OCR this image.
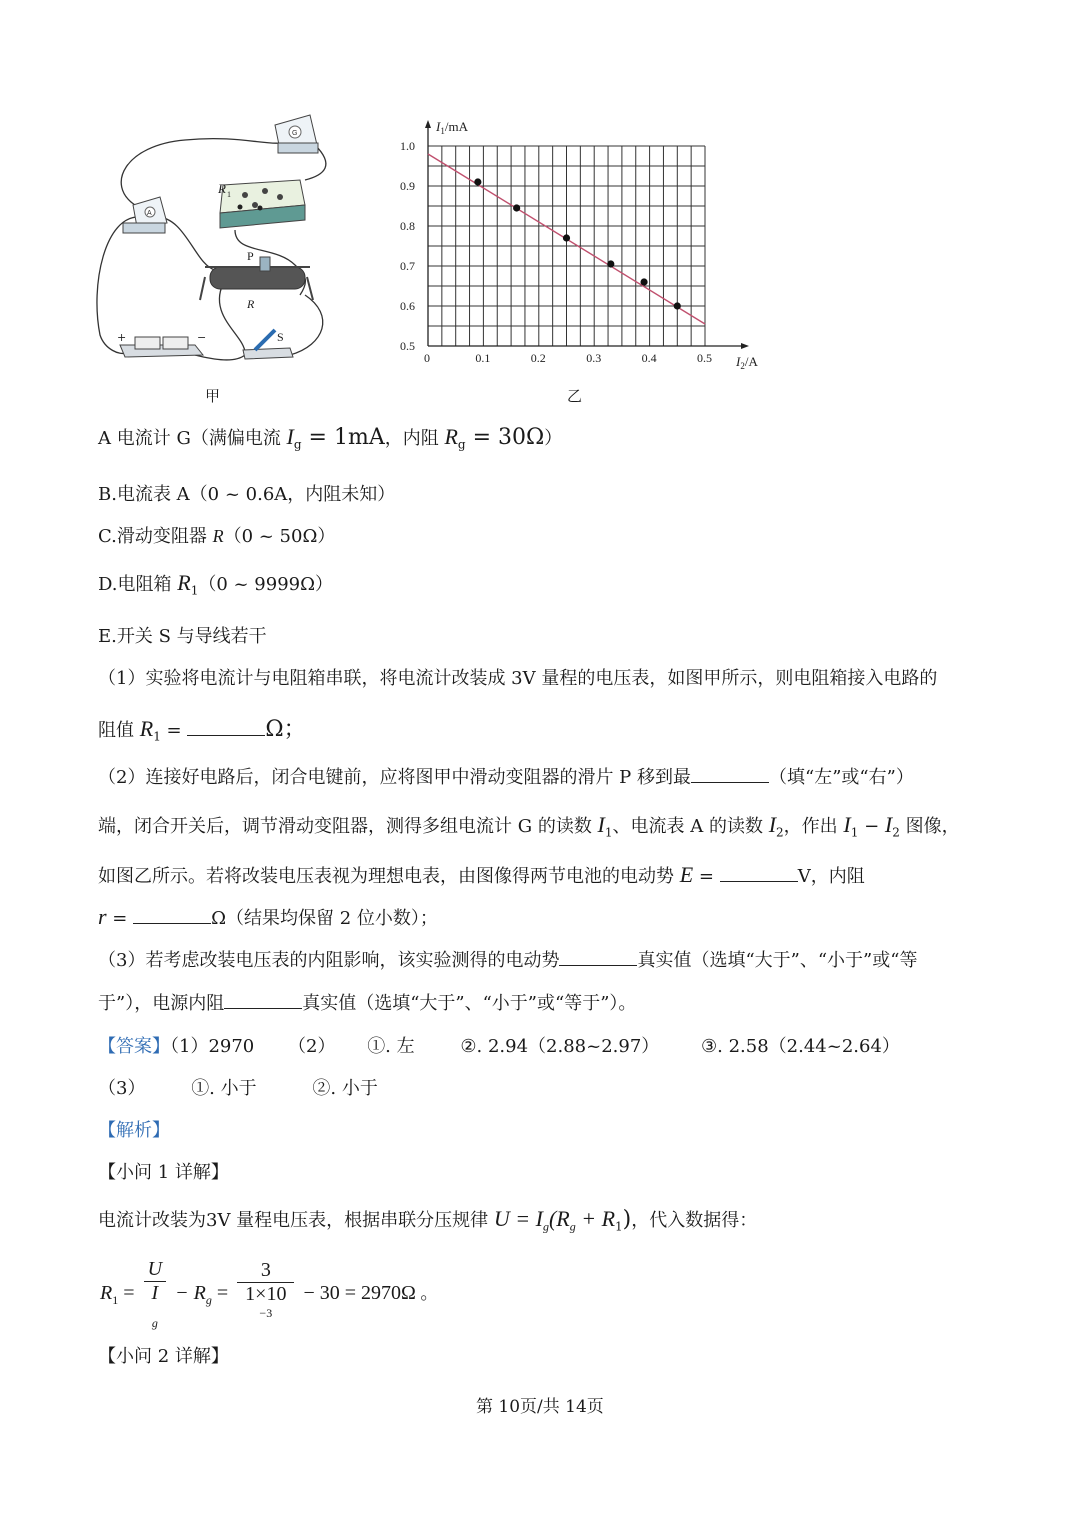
G
A
R 1
P
R
+	−	S
甲
0	0.1	0.2	0.3	0.4	0.5
0.5
0.6
0.7
0.8
0.9
1.0
$I_1/mA$
$I_2/A$
乙
A 电流计 G（满偏电流 $I_g = 1mA$，内阻 $R_g = 30\Omega$）
B.电流表 A（0 ~ 0.6A，内阻未知）
C.滑动变阻器 R（0 ~ 50Ω）
D.电阻箱 $R_1(0$ ~ 9999Ω）
E.开关 S 与导线若干
（1）实验将电流计与电阻箱串联，将电流计改装成 3V 量程的电压表，如图甲所示，则电阻箱接入电路的
阻值 $R_1$ =	Ω；
（2）连接好电路后，闭合电键前，应将图甲中滑动变阻器的滑片 P 移到最	（填“左”或“右”）
端，闭合开关后，调节滑动变阻器，测得多组电流计 G 的读数 $I_1$、电流表 A 的读数 $I_2$，作出 $I_1 - I_2$ 图像，
如图乙所示。若将改装电压表视为理想电表，由图像得两节电池的电动势 E =	V，内阻
r =	Ω（结果均保留 2 位小数）；
（3）若考虑改装电压表的内阻影响，该实验测得的电动势	真实值（选填“大于”、“小于”或“等
于”），电源内阻	真实值（选填“大于”、“小于”或“等于”）。
【答案】（1）2970 （2） ①. 左	②. 2.94（2.88~2.97） ③. 2.58（2.44~2.64）
（3）	①. 小于	②. 小于
【解析】
【小问 1 详解】
电流计改装为3V 量程电压表，根据串联分压规律 $U = I_g(R_g + R_1)$，代入数据得：
$R_1 = U$
I
$_g - R_g = 3$
1×10
$^{-3}$ − 30 = 2970Ω 。
【小问 2 详解】
第 10页/共 14页
